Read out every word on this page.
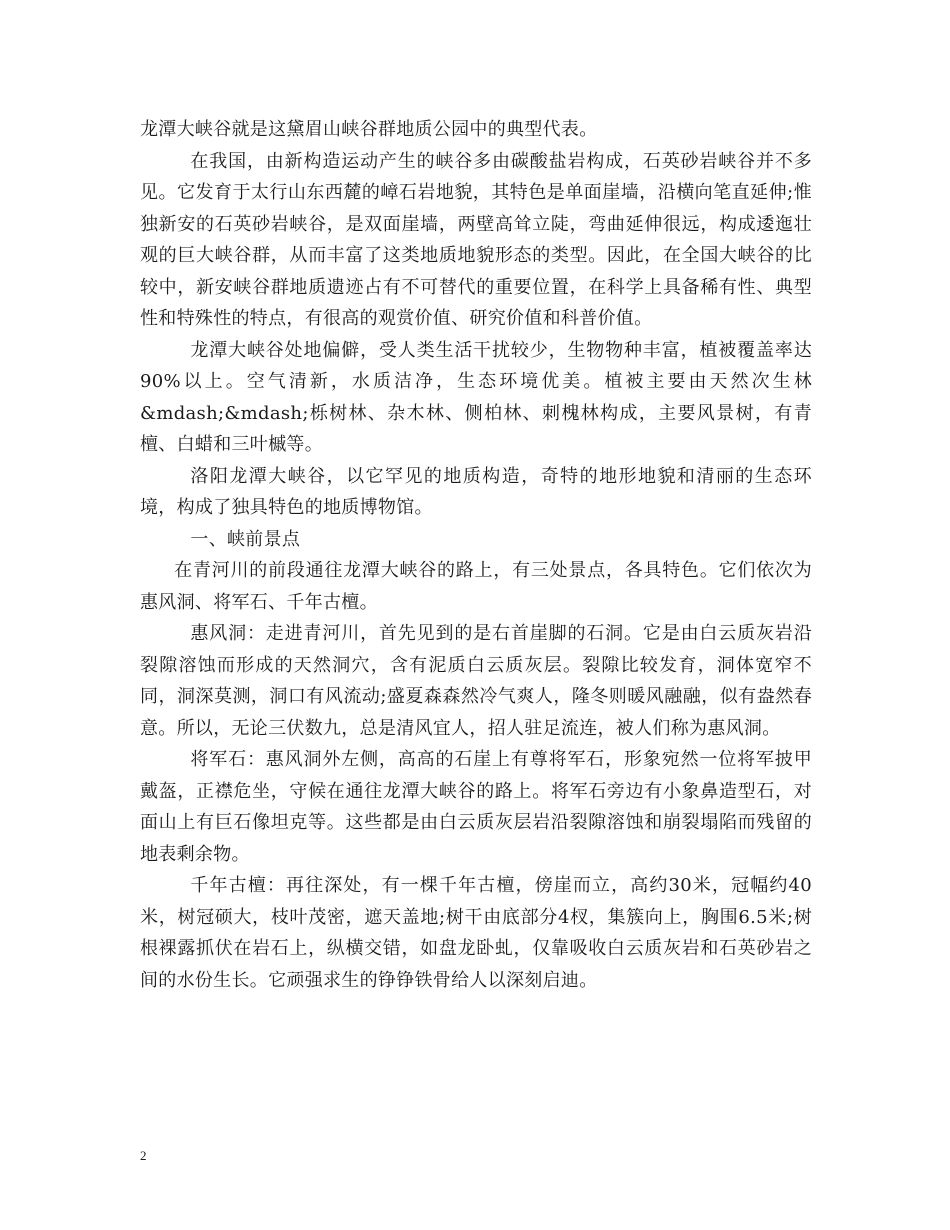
龙潭大峡谷就是这黛眉山峡谷群地质公园中的典型代表。

在我国，由新构造运动产生的峡谷多由碳酸盐岩构成，石英砂岩峡谷并不多见。它发育于太行山东西麓的嶂石岩地貌，其特色是单面崖墙，沿横向笔直延伸;惟独新安的石英砂岩峡谷，是双面崖墙，两壁高耸立陡，弯曲延伸很远，构成逶迤壮观的巨大峡谷群，从而丰富了这类地质地貌形态的类型。因此，在全国大峡谷的比较中，新安峡谷群地质遗迹占有不可替代的重要位置，在科学上具备稀有性、典型性和特殊性的特点，有很高的观赏价值、研究价值和科普价值。

龙潭大峡谷处地偏僻，受人类生活干扰较少，生物物种丰富，植被覆盖率达90%以上。空气清新，水质洁净，生态环境优美。植被主要由天然次生林&mdash;&mdash;栎树林、杂木林、侧柏林、刺槐林构成，主要风景树，有青檀、白蜡和三叶槭等。

洛阳龙潭大峡谷，以它罕见的地质构造，奇特的地形地貌和清丽的生态环境，构成了独具特色的地质博物馆。

一、峡前景点

在青河川的前段通往龙潭大峡谷的路上，有三处景点，各具特色。它们依次为惠风洞、将军石、千年古檀。

惠风洞：走进青河川，首先见到的是右首崖脚的石洞。它是由白云质灰岩沿裂隙溶蚀而形成的天然洞穴，含有泥质白云质灰层。裂隙比较发育，洞体宽窄不同，洞深莫测，洞口有风流动;盛夏森森然冷气爽人，隆冬则暖风融融，似有盎然春意。所以，无论三伏数九，总是清风宜人，招人驻足流连，被人们称为惠风洞。

将军石：惠风洞外左侧，高高的石崖上有尊将军石，形象宛然一位将军披甲戴盔，正襟危坐，守候在通往龙潭大峡谷的路上。将军石旁边有小象鼻造型石，对面山上有巨石像坦克等。这些都是由白云质灰层岩沿裂隙溶蚀和崩裂塌陷而残留的地表剩余物。

千年古檀：再往深处，有一棵千年古檀，傍崖而立，高约30米，冠幅约40米，树冠硕大，枝叶茂密，遮天盖地;树干由底部分4杈，集簇向上，胸围6.5米;树根裸露抓伏在岩石上，纵横交错，如盘龙卧虬，仅靠吸收白云质灰岩和石英砂岩之间的水份生长。它顽强求生的铮铮铁骨给人以深刻启迪。

2
